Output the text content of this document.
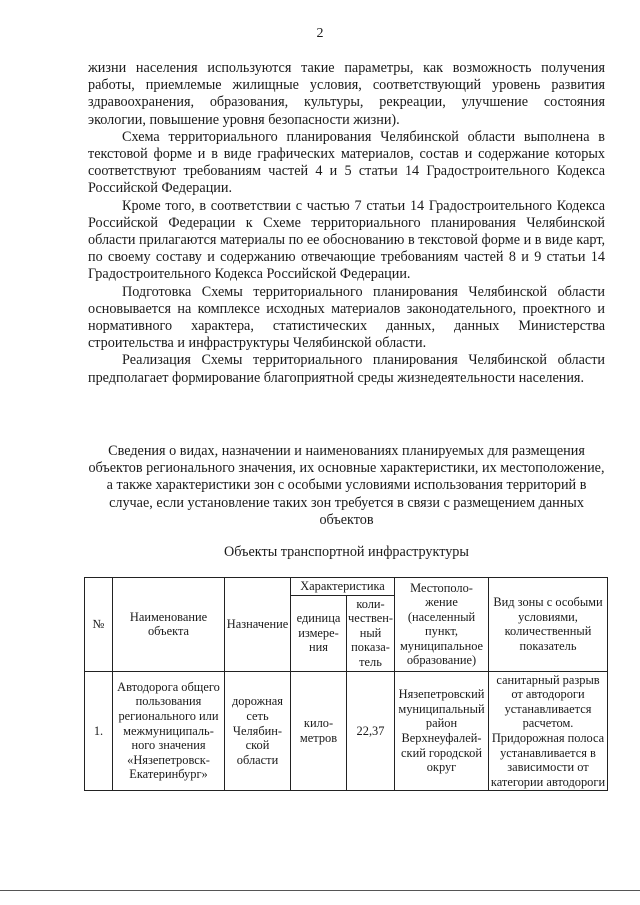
2

жизни населения используются такие параметры, как возможность получения работы, приемлемые жилищные условия, соответствующий уровень развития здравоохранения, образования, культуры, рекреации, улучшение состояния экологии, повышение уровня безопасности жизни).

Схема территориального планирования Челябинской области выполнена в текстовой форме и в виде графических материалов, состав и содержание которых соответствуют требованиям частей 4 и 5 статьи 14 Градостроительного Кодекса Российской Федерации.

Кроме того, в соответствии с частью 7 статьи 14 Градостроительного Кодекса Российской Федерации к Схеме территориального планирования Челябинской области прилагаются материалы по ее обоснованию в текстовой форме и в виде карт, по своему составу и содержанию отвечающие требованиям частей 8 и 9 статьи 14 Градостроительного Кодекса Российской Федерации.

Подготовка Схемы территориального планирования Челябинской области основывается на комплексе исходных материалов законодательного, проектного и нормативного характера, статистических данных, данных Министерства строительства и инфраструктуры Челябинской области.

Реализация Схемы территориального планирования Челябинской области предполагает формирование благоприятной среды жизнедеятельности населения.

Сведения о видах, назначении и наименованиях планируемых для размещения объектов регионального значения, их основные характеристики, их местоположение, а также характеристики зон с особыми условиями использования территорий в случае, если установление таких зон требуется в связи с размещением данных объектов
Объекты транспортной инфраструктуры
№	Наименование объекта	Назначение	Характеристика		Местополо-жение (населенный пункт, муниципальное образование)	Вид зоны с особыми условиями, количественный показатель
			единица измере-ния	коли-чествен-ный показа-тель		
1.	Автодорога общего пользования регионального или межмуниципаль-ного значения «Нязепетровск-Екатеринбург»	дорожная сеть Челябин-ской области	кило-метров	22,37	Нязепетровский муниципальный район Верхнеуфалей-ский городской округ	санитарный разрыв от автодороги устанавливается расчетом. Придорожная полоса устанавливается в зависимости от категории автодороги
